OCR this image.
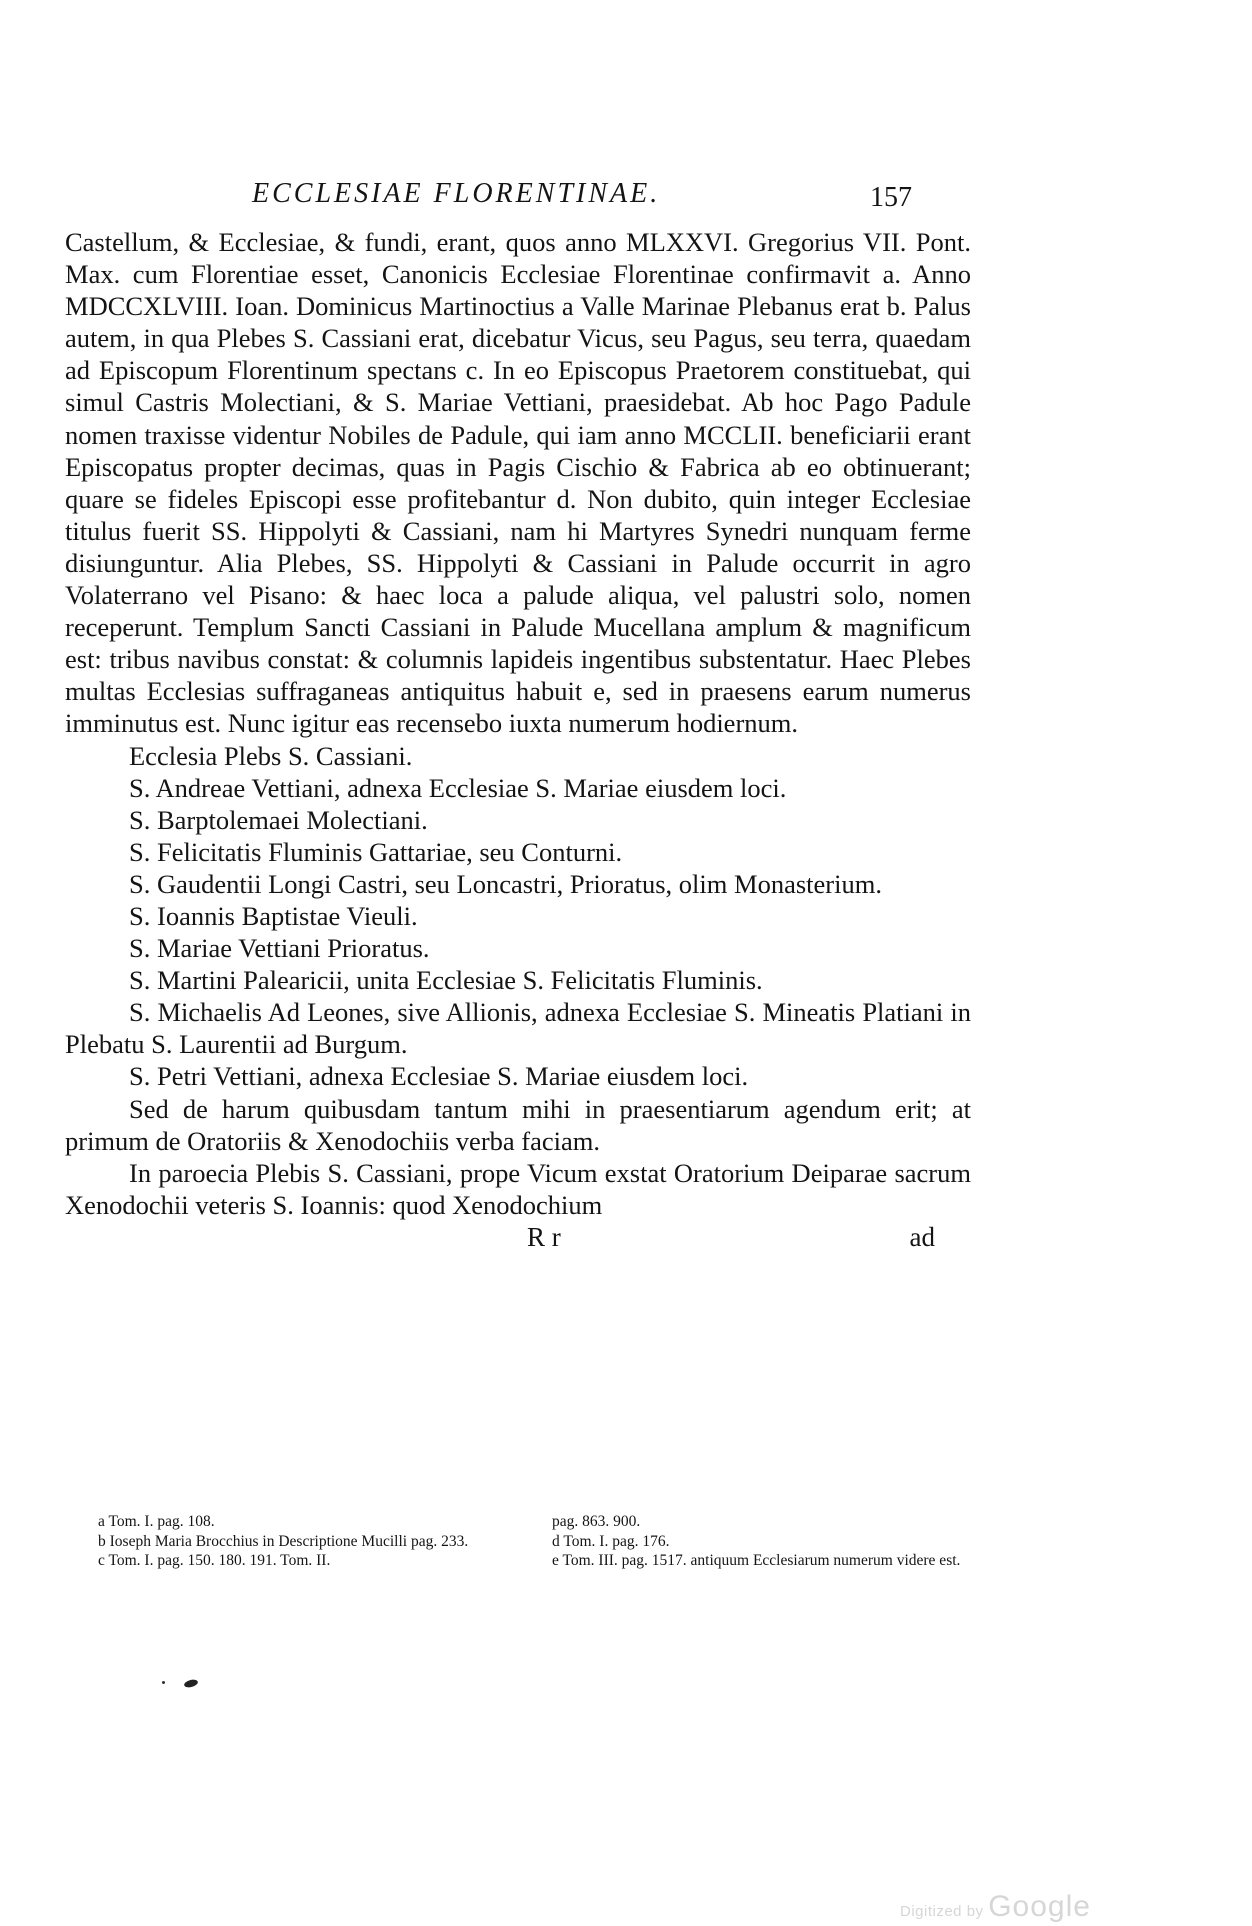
ECCLESIAE FLORENTINAE.	157

Castellum, & Ecclesiae, & fundi, erant, quos anno MLXXVI. Gregorius VII. Pont. Max. cum Florentiae esset, Canonicis Ecclesiae Florentinae confirmavit a. Anno MDCCXLVIII. Ioan. Dominicus Martinoctius a Valle Marinae Plebanus erat b. Palus autem, in qua Plebes S. Cassiani erat, dicebatur Vicus, seu Pagus, seu terra, quaedam ad Episcopum Florentinum spectans c. In eo Episcopus Praetorem constituebat, qui simul Castris Molectiani, & S. Mariae Vettiani, praesidebat. Ab hoc Pago Padule nomen traxisse videntur Nobiles de Padule, qui iam anno MCCLII. beneficiarii erant Episcopatus propter decimas, quas in Pagis Cischio & Fabrica ab eo obtinuerant; quare se fideles Episcopi esse profitebantur d. Non dubito, quin integer Ecclesiae titulus fuerit SS. Hippolyti & Cassiani, nam hi Martyres Synedri nunquam ferme disiunguntur. Alia Plebes, SS. Hippolyti & Cassiani in Palude occurrit in agro Volaterrano vel Pisano: & haec loca a palude aliqua, vel palustri solo, nomen receperunt. Templum Sancti Cassiani in Palude Mucellana amplum & magnificum est: tribus navibus constat: & columnis lapideis ingentibus substentatur. Haec Plebes multas Ecclesias suffraganeas antiquitus habuit e, sed in praesens earum numerus imminutus est. Nunc igitur eas recensebo iuxta numerum hodiernum.

Ecclesia Plebs S. Cassiani.
S. Andreae Vettiani, adnexa Ecclesiae S. Mariae eiusdem loci.
S. Barptolemaei Molectiani.
S. Felicitatis Fluminis Gattariae, seu Conturni.
S. Gaudentii Longi Castri, seu Loncastri, Prioratus, olim Monasterium.
S. Ioannis Baptistae Vieuli.
S. Mariae Vettiani Prioratus.
S. Martini Palearicii, unita Ecclesiae S. Felicitatis Fluminis.
S. Michaelis Ad Leones, sive Allionis, adnexa Ecclesiae S. Mineatis Platiani in Plebatu S. Laurentii ad Burgum.
S. Petri Vettiani, adnexa Ecclesiae S. Mariae eiusdem loci.

Sed de harum quibusdam tantum mihi in praesentiarum agendum erit; at primum de Oratoriis & Xenodochiis verba faciam.

In paroecia Plebis S. Cassiani, prope Vicum exstat Oratorium Deiparae sacrum Xenodochii veteris S. Ioannis: quod Xenodochium

R r	ad

a Tom. I. pag. 108.

b Ioseph Maria Brocchius in Descriptione Mucilli pag. 233.

c Tom. I. pag. 150. 180. 191. Tom. II.

pag. 863. 900.

d Tom. I. pag. 176.

e Tom. III. pag. 1517. antiquum Ecclesiarum numerum videre est.

Digitized by Google
